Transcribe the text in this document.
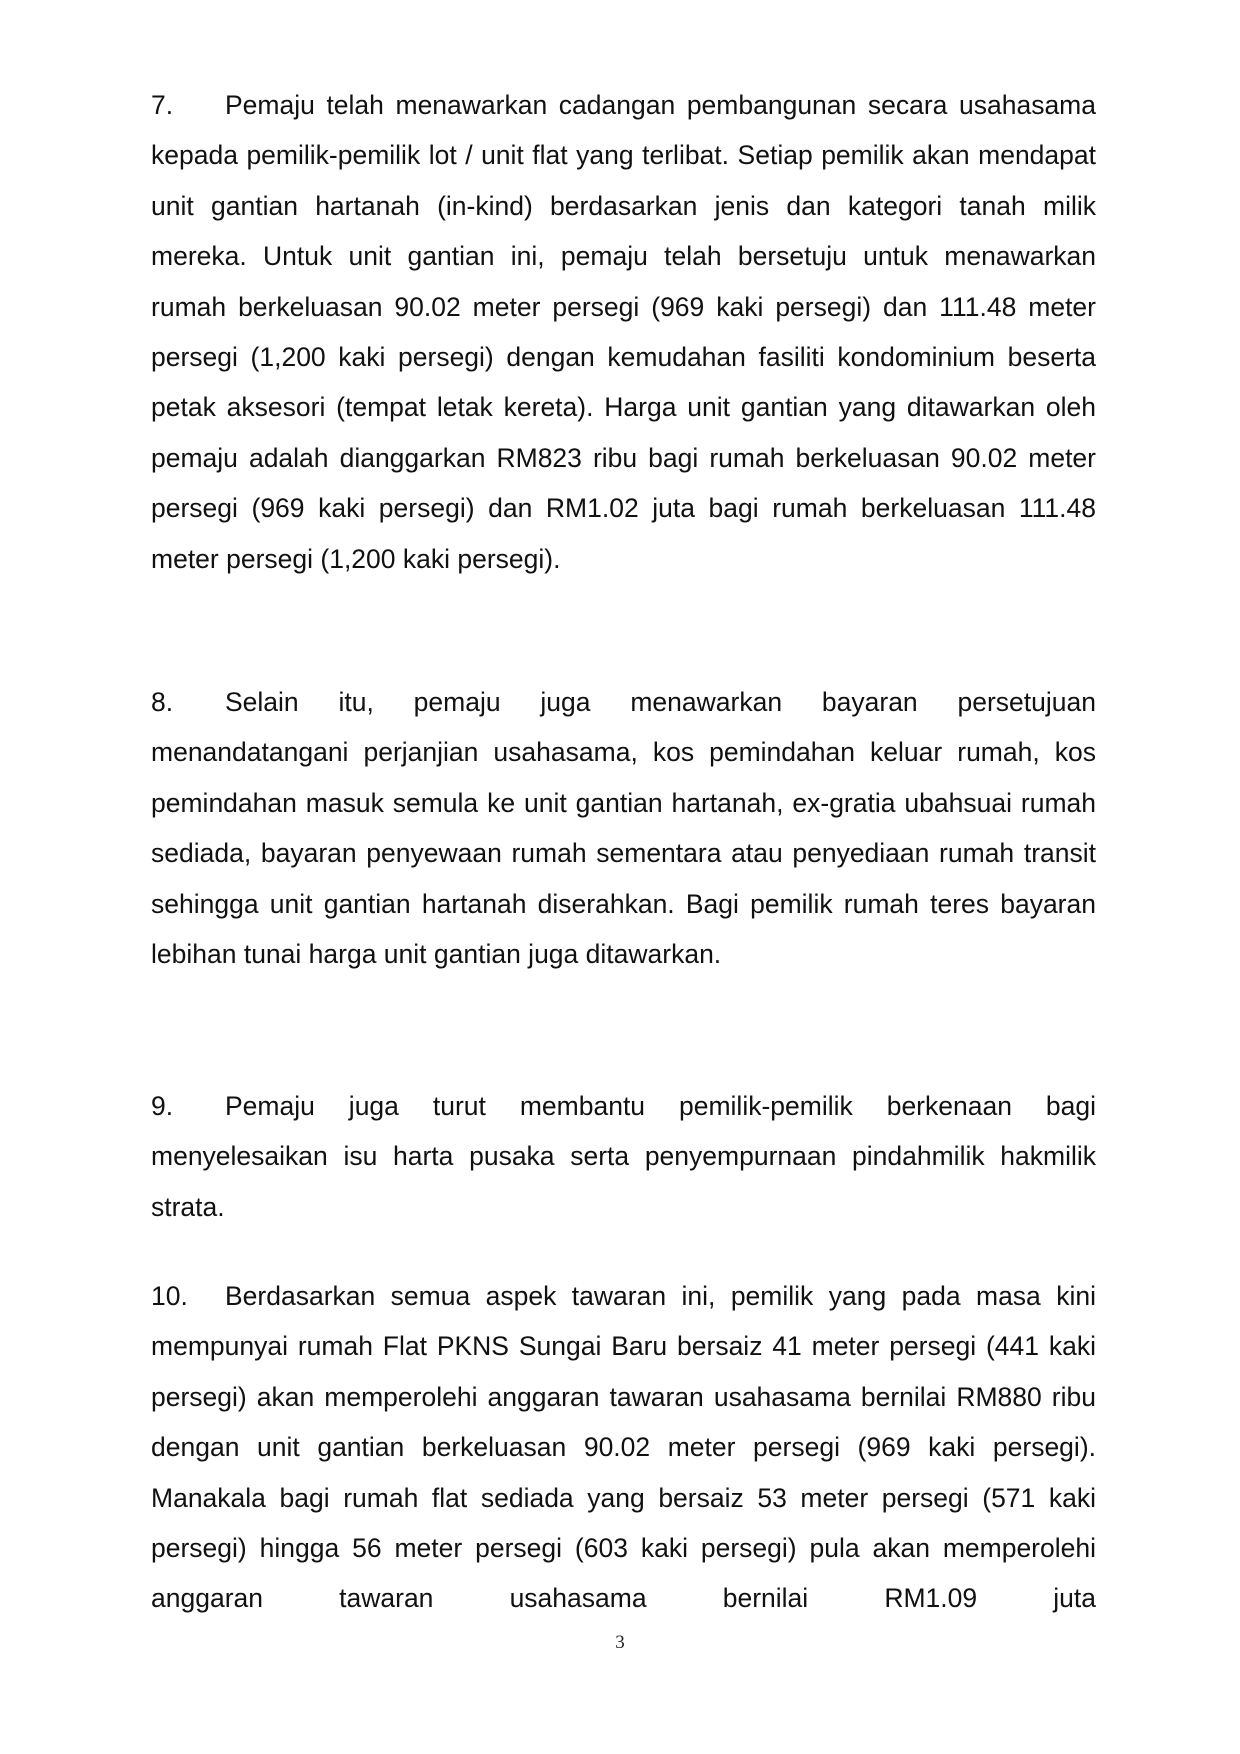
7. Pemaju telah menawarkan cadangan pembangunan secara usahasama kepada pemilik-pemilik lot / unit flat yang terlibat. Setiap pemilik akan mendapat unit gantian hartanah (in-kind) berdasarkan jenis dan kategori tanah milik mereka. Untuk unit gantian ini, pemaju telah bersetuju untuk menawarkan rumah berkeluasan 90.02 meter persegi (969 kaki persegi) dan 111.48 meter persegi (1,200 kaki persegi) dengan kemudahan fasiliti kondominium beserta petak aksesori (tempat letak kereta). Harga unit gantian yang ditawarkan oleh pemaju adalah dianggarkan RM823 ribu bagi rumah berkeluasan 90.02 meter persegi (969 kaki persegi) dan RM1.02 juta bagi rumah berkeluasan 111.48 meter persegi (1,200 kaki persegi).

8. Selain itu, pemaju juga menawarkan bayaran persetujuan menandatangani perjanjian usahasama, kos pemindahan keluar rumah, kos pemindahan masuk semula ke unit gantian hartanah, ex-gratia ubahsuai rumah sediada, bayaran penyewaan rumah sementara atau penyediaan rumah transit sehingga unit gantian hartanah diserahkan. Bagi pemilik rumah teres bayaran lebihan tunai harga unit gantian juga ditawarkan.

9. Pemaju juga turut membantu pemilik-pemilik berkenaan bagi menyelesaikan isu harta pusaka serta penyempurnaan pindahmilik hakmilik strata.

10. Berdasarkan semua aspek tawaran ini, pemilik yang pada masa kini mempunyai rumah Flat PKNS Sungai Baru bersaiz 41 meter persegi (441 kaki persegi) akan memperolehi anggaran tawaran usahasama bernilai RM880 ribu dengan unit gantian berkeluasan 90.02 meter persegi (969 kaki persegi). Manakala bagi rumah flat sediada yang bersaiz 53 meter persegi (571 kaki persegi) hingga 56 meter persegi (603 kaki persegi) pula akan memperolehi anggaran tawaran usahasama bernilai RM1.09 juta

3
